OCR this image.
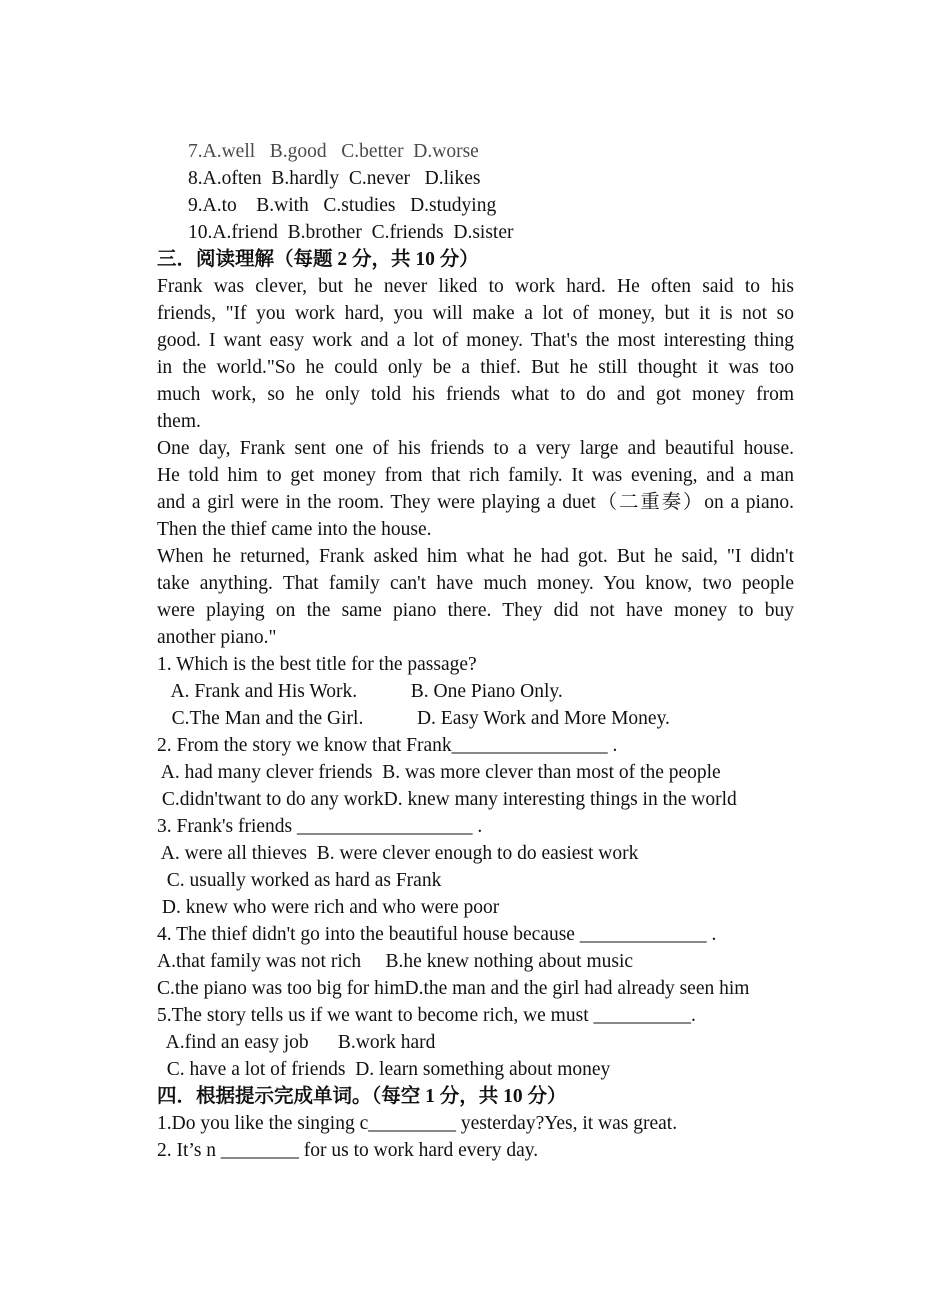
7.A.well   B.good   C.better  D.worse
8.A.often  B.hardly  C.never   D.likes
9.A.to    B.with   C.studies   D.studying
10.A.friend  B.brother  C.friends  D.sister
三．阅读理解（每题 2 分，共 10 分）
Frank was clever, but he never liked to work hard. He often said to his
friends, "If you work hard, you will make a lot of money, but it is not so
good. I want easy work and a lot of money. That's the most interesting thing
in the world."So he could only be a thief. But he still thought it was too
much work, so he only told his friends what to do and got money from
them.
One day, Frank sent one of his friends to a very large and beautiful house.
He told him to get money from that rich family. It was evening, and a man
and a girl were in the room. They were playing a duet（二重奏）on a piano.
Then the thief came into the house.
When he returned, Frank asked him what he had got. But he said, "I didn't
take anything. That family can't have much money. You know, two people
were playing on the same piano there. They did not have money to buy
another piano."
1. Which is the best title for the passage?
A. Frank and His Work.           B. One Piano Only.
C.The Man and the Girl.           D. Easy Work and More Money.
2. From the story we know that Frank________________ .
A. had many clever friends  B. was more clever than most of the people
C.didn'twant to do any workD. knew many interesting things in the world
3. Frank's friends __________________ .
A. were all thieves  B. were clever enough to do easiest work
C. usually worked as hard as Frank
D. knew who were rich and who were poor
4. The thief didn't go into the beautiful house because _____________ .
A.that family was not rich     B.he knew nothing about music
C.the piano was too big for himD.the man and the girl had already seen him
5.The story tells us if we want to become rich, we must __________.
A.find an easy job      B.work hard
C. have a lot of friends  D. learn something about money
四．根据提示完成单词。（每空 1 分，共 10 分）
1.Do you like the singing c_________ yesterday?Yes, it was great.
2. It’s n ________ for us to work hard every day.
